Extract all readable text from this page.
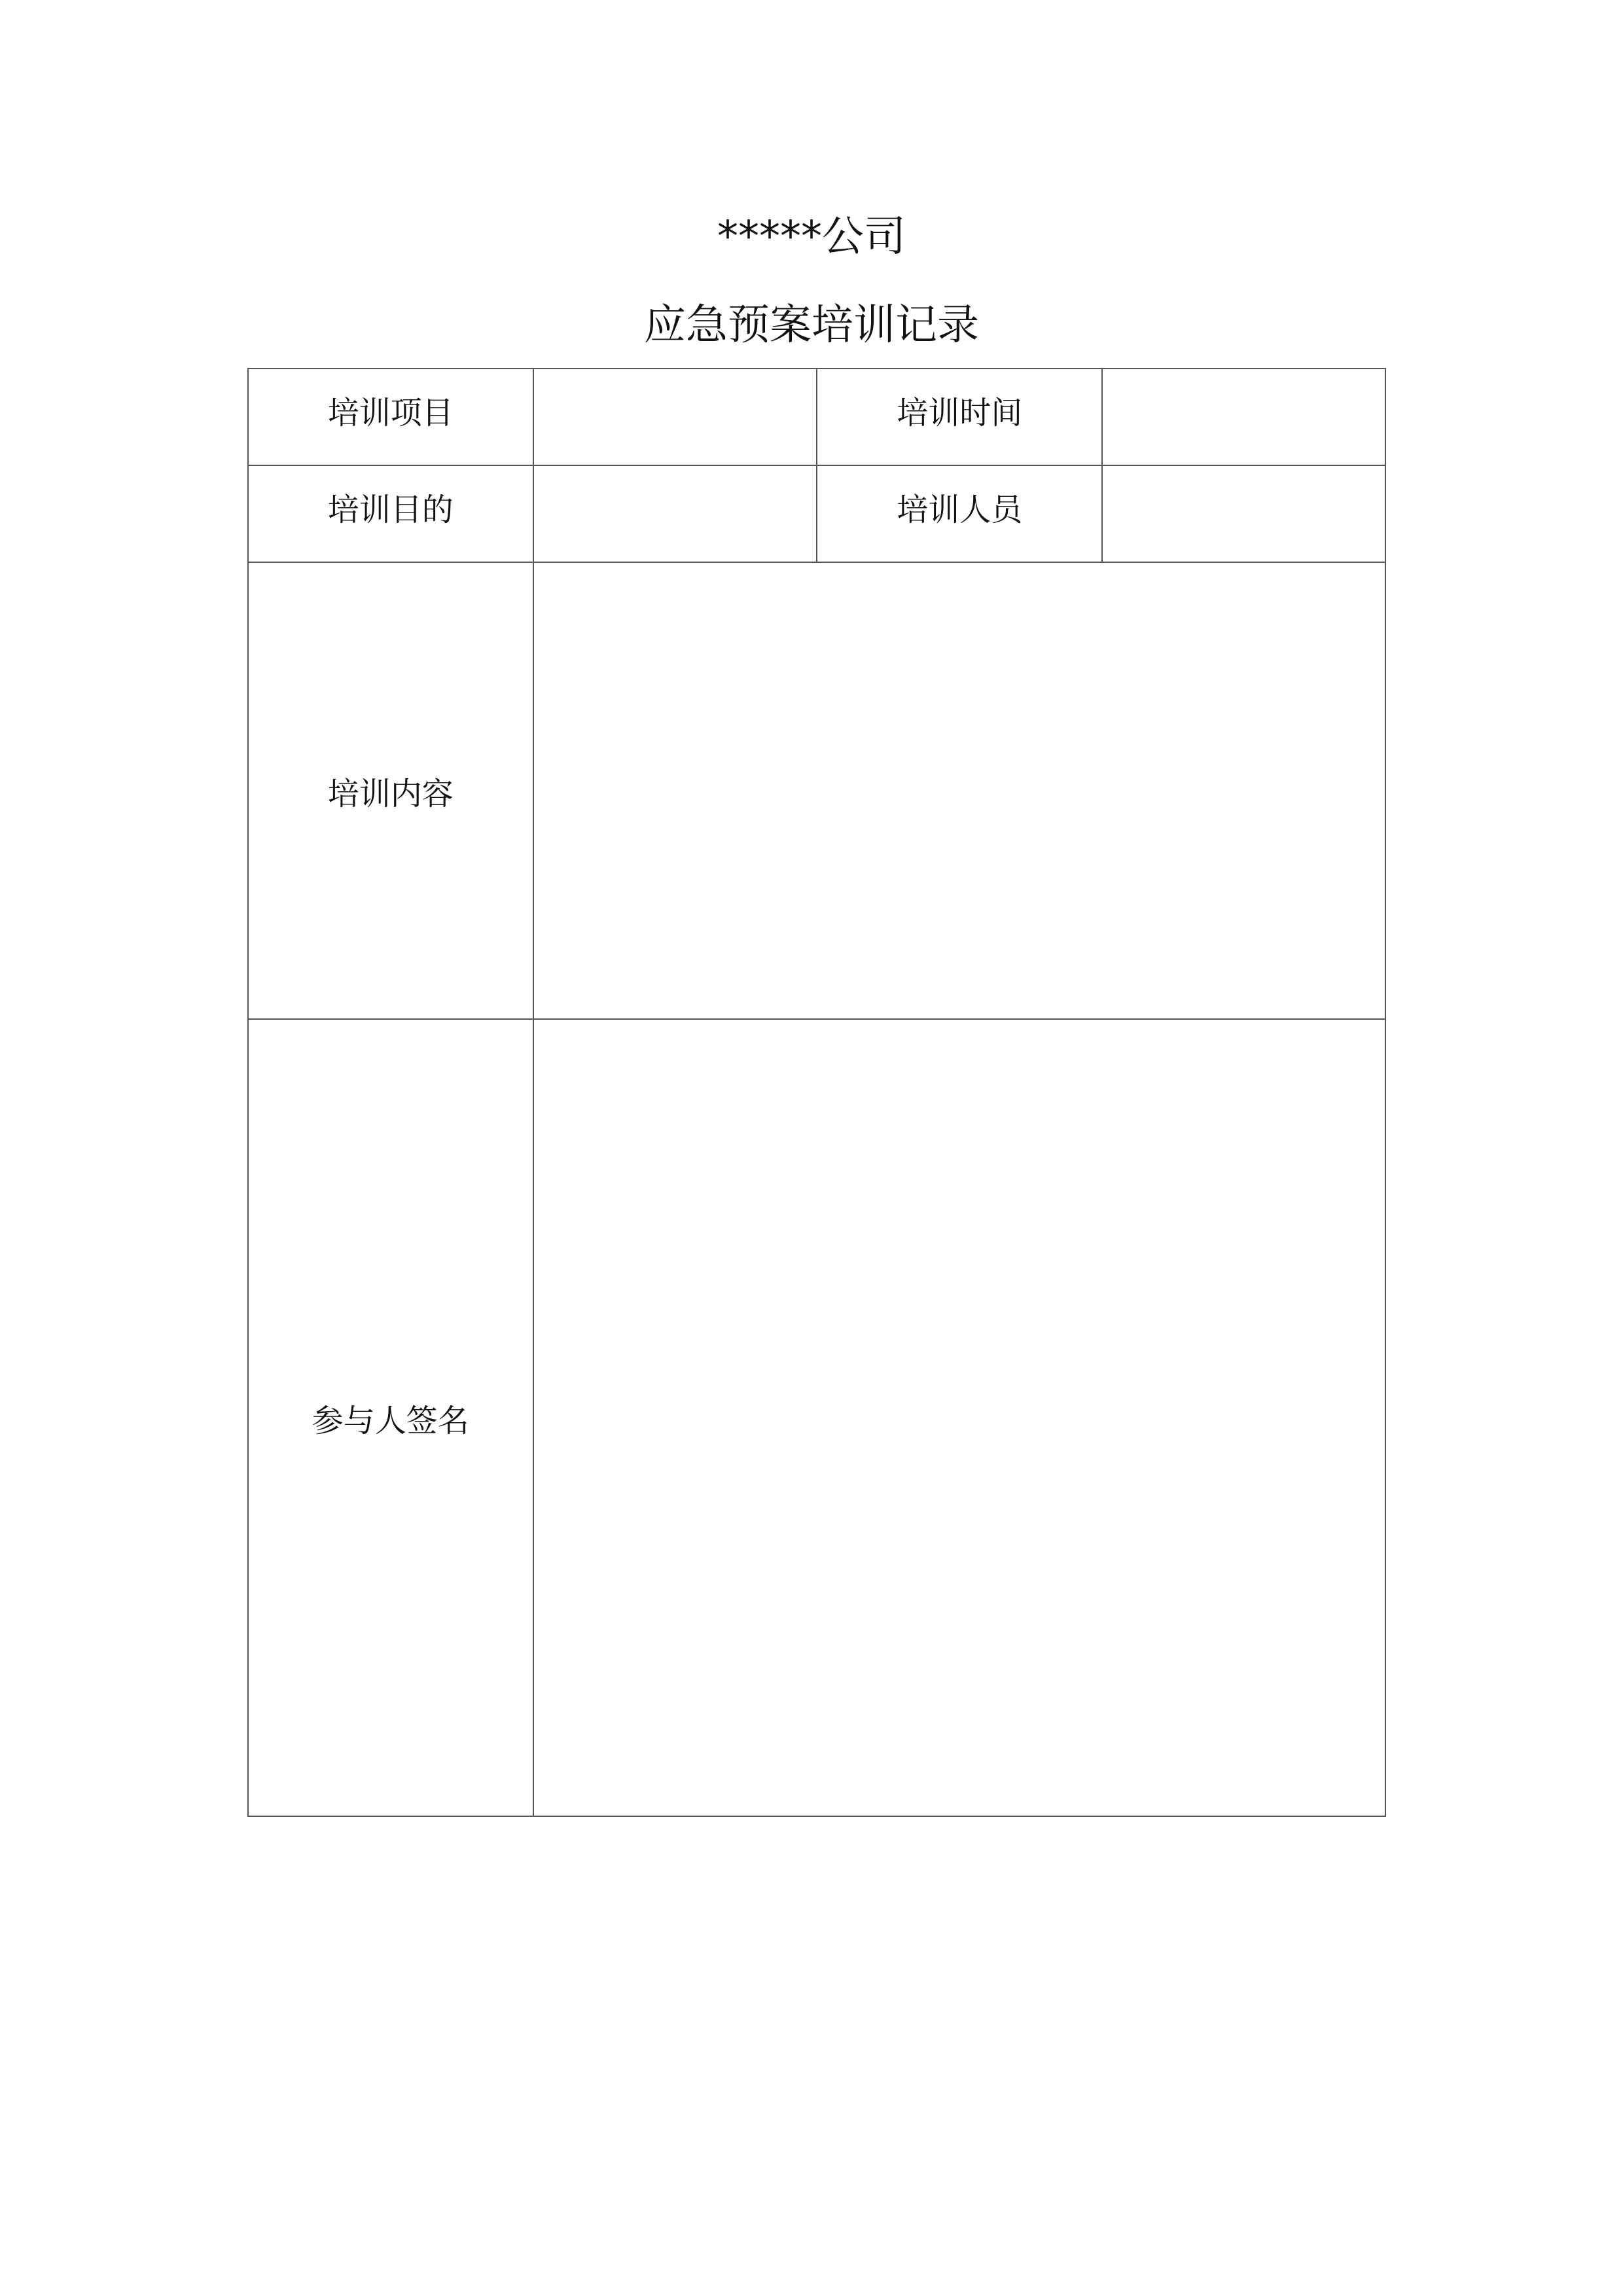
*****公司
应急预案培训记录
培训项目		培训时间	
培训目的		培训人员	
培训内容			
参与人签名			
